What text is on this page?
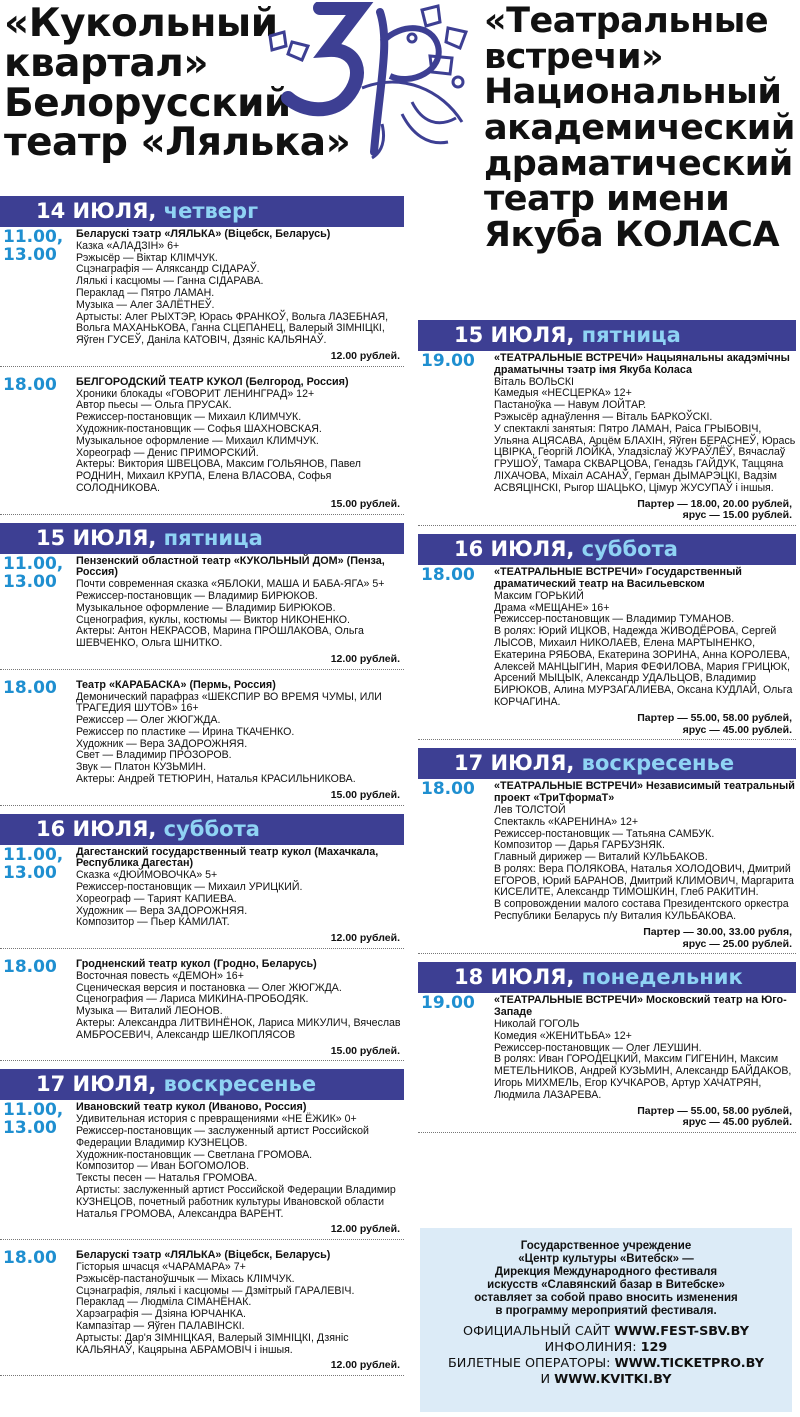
«Кукольный
квартал»
Белорусский
театр «Лялька»
14 ИЮЛЯ, четверг
11.00,
13.00
Беларускі тэатр «ЛЯЛЬКА» (Віцебск, Беларусь)
Казка «АЛАДЗІН» 6+
Рэжысёр — Віктар КЛІМЧУК.
Сцэнаграфія — Аляксандр СІДАРАЎ.
Лялькі і касцюмы — Ганна СІДАРАВА.
Пераклад — Пятро ЛАМАН.
Музыка — Алег ЗАЛЁТНЕЎ.
Артысты: Алег РЫХТЭР, Юрась ФРАНКОЎ, Вольга ЛАЗЕБНАЯ, Вольга МАХАНЬКОВА, Ганна СЦЕПАНЕЦ, Валерый ЗІМНІЦКІ, Яўген ГУСЕЎ, Даніла КАТОВІЧ, Дзяніс КАЛЬЯНАЎ.
12.00 рублей.
18.00 БЕЛГОРОДСКИЙ ТЕАТР КУКОЛ (Белгород, Россия)
Хроники блокады «ГОВОРИТ ЛЕНИНГРАД» 12+
Автор пьесы — Ольга ПРУСАК.
Режиссер-постановщик — Михаил КЛИМЧУК.
Художник-постановщик — Софья ШАХНОВСКАЯ.
Музыкальное оформление — Михаил КЛИМЧУК.
Хореограф — Денис ПРИМОРСКИЙ.
Актеры: Виктория ШВЕЦОВА, Максим ГОЛЬЯНОВ, Павел РОДНИН, Михаил КРУПА, Елена ВЛАСОВА, Софья СОЛОДНИКОВА.
15.00 рублей.
15 ИЮЛЯ, пятница
11.00,
13.00
Пензенский областной театр «КУКОЛЬНЫЙ ДОМ» (Пенза, Россия)
Почти современная сказка «ЯБЛОКИ, МАША И БАБА-ЯГА» 5+
Режиссер-постановщик — Владимир БИРЮКОВ.
Музыкальное оформление — Владимир БИРЮКОВ.
Сценография, куклы, костюмы — Виктор НИКОНЕНКО.
Актеры: Антон НЕКРАСОВ, Марина ПРОШЛАКОВА, Ольга ШЕВЧЕНКО, Ольга ШНИТКО.
12.00 рублей.
18.00 Театр «КАРАБАСКА» (Пермь, Россия)
Демонический парафраз «ШЕКСПИР ВО ВРЕМЯ ЧУМЫ, ИЛИ ТРАГЕДИЯ ШУТОВ» 16+
Режиссер — Олег ЖЮГЖДА.
Режиссер по пластике — Ирина ТКАЧЕНКО.
Художник — Вера ЗАДОРОЖНЯЯ.
Свет — Владимир ПРОЗОРОВ.
Звук — Платон КУЗЬМИН.
Актеры: Андрей ТЕТЮРИН, Наталья КРАСИЛЬНИКОВА.
15.00 рублей.
16 ИЮЛЯ, суббота
11.00,
13.00
Дагестанский государственный театр кукол (Махачкала, Республика Дагестан)
Сказка «ДЮЙМОВОЧКА» 5+
Режиссер-постановщик — Михаил УРИЦКИЙ.
Хореограф — Тарият КАПИЕВА.
Художник — Вера ЗАДОРОЖНЯЯ.
Композитор — Пьер КАМИЛАТ.
12.00 рублей.
18.00 Гродненский театр кукол (Гродно, Беларусь)
Восточная повесть «ДЕМОН» 16+
Сценическая версия и постановка — Олег ЖЮГЖДА.
Сценография — Лариса МИКИНА-ПРОБОДЯК.
Музыка — Виталий ЛЕОНОВ.
Актеры: Александра ЛИТВИНЁНОК, Лариса МИКУЛИЧ, Вячеслав АМБРОСЕВИЧ, Александр ШЕЛКОПЛЯСОВ
15.00 рублей.
17 ИЮЛЯ, воскресенье
11.00,
13.00
Ивановский театр кукол (Иваново, Россия)
Удивительная история с превращениями «НЕ ЁЖИК» 0+
Режиссер-постановщик — заслуженный артист Российской Федерации Владимир КУЗНЕЦОВ.
Художник-постановщик — Светлана ГРОМОВА.
Композитор — Иван БОГОМОЛОВ.
Тексты песен — Наталья ГРОМОВА.
Артисты: заслуженный артист Российской Федерации Владимир КУЗНЕЦОВ, почетный работник культуры Ивановской области Наталья ГРОМОВА, Александра ВАРЕНТ.
12.00 рублей.
18.00 Беларускі тэатр «ЛЯЛЬКА» (Віцебск, Беларусь)
Гісторыя шчасця «ЧАРАМАРА» 7+
Рэжысёр-пастаноўшчык — Міхась КЛІМЧУК.
Сцэнаграфія, лялькі і касцюмы — Дзмітрый ГАРАЛЕВІЧ.
Пераклад — Людміла СІМАНЁНАК.
Харэаграфія — Дзіяна ЮРЧАНКА.
Кампазітар — Яўген ПАЛАВІНСКІ.
Артысты: Дар'я ЗІМНІЦКАЯ, Валерый ЗІМНІЦКІ, Дзяніс КАЛЬЯНАЎ, Кацярына АБРАМОВІЧ і іншыя.
12.00 рублей.
«Театральные
встречи»
Национальный
академический
драматический
театр имени
Якуба КОЛАСА
15 ИЮЛЯ, пятница
19.00 «ТЕАТРАЛЬНЫЕ ВСТРЕЧИ» Нацыянальны акадэмічны драматычны тэатр імя Якуба Коласа
Віталь ВОЛЬСКІ
Камедыя «НЕСЦЕРКА» 12+
Пастаноўка — Навум ЛОЙТАР.
Рэжысёр аднаўлення — Віталь БАРКОЎСКІ.
У спектаклі занятыя: Пятро ЛАМАН, Раіса ГРЫБОВІЧ, Ульяна АЦЯСАВА, Арцём БЛАХІН, Яўген БЕРАСНЕЎ, Юрась ЦВІРКА, Георгій ЛОЙКА, Уладзіслаў ЖУРАЎЛЁЎ, Вячаслаў ГРУШОЎ, Тамара СКВАРЦОВА, Генадзь ГАЙДУК, Таццяна ЛІХАЧОВА, Міхаіл АСАНАЎ, Герман ДЫМАРЭЦКІ, Вадзім АСВЯЦІНСКІ, Рыгор ШАЦЬКО, Цімур ЖУСУПАЎ і іншыя.
Партер — 18.00, 20.00 рублей,
ярус — 15.00 рублей.
16 ИЮЛЯ, суббота
18.00 «ТЕАТРАЛЬНЫЕ ВСТРЕЧИ» Государственный драматический театр на Васильевском
Максим ГОРЬКИЙ
Драма «МЕЩАНЕ» 16+
Режиссер-постановщик — Владимир ТУМАНОВ.
В ролях: Юрий ИЦКОВ, Надежда ЖИВОДЁРОВА, Сергей ЛЫСОВ, Михаил НИКОЛАЕВ, Елена МАРТЫНЕНКО, Екатерина РЯБОВА, Екатерина ЗОРИНА, Анна КОРОЛЕВА, Алексей МАНЦЫГИН, Мария ФЕФИЛОВА, Мария ГРИЦЮК, Арсений МЫЦЫК, Александр УДАЛЬЦОВ, Владимир БИРЮКОВ, Алина МУРЗАГАЛИЕВА, Оксана КУДЛАЙ, Ольга КОРЧАГИНА.
Партер — 55.00, 58.00 рублей,
ярус — 45.00 рублей.
17 ИЮЛЯ, воскресенье
18.00 «ТЕАТРАЛЬНЫЕ ВСТРЕЧИ» Независимый театральный проект «ТриТформаТ»
Лев ТОЛСТОЙ
Спектакль «КАРЕНИНА» 12+
Режиссер-постановщик — Татьяна САМБУК.
Композитор — Дарья ГАРБУЗНЯК.
Главный дирижер — Виталий КУЛЬБАКОВ.
В ролях: Вера ПОЛЯКОВА, Наталья ХОЛОДОВИЧ, Дмитрий ЕГОРОВ, Юрий БАРАНОВ, Дмитрий КЛИМОВИЧ, Маргарита КИСЕЛИТЕ, Александр ТИМОШКИН, Глеб РАКИТИН.
В сопровождении малого состава Президентского оркестра Республики Беларусь п/у Виталия КУЛЬБАКОВА.
Партер — 30.00, 33.00 рубля,
ярус — 25.00 рублей.
18 ИЮЛЯ, понедельник
19.00 «ТЕАТРАЛЬНЫЕ ВСТРЕЧИ» Московский театр на Юго-Западе
Николай ГОГОЛЬ
Комедия «ЖЕНИТЬБА» 12+
Режиссер-постановщик — Олег ЛЕУШИН.
В ролях: Иван ГОРОДЕЦКИЙ, Максим ГИГЕНИН, Максим МЕТЕЛЬНИКОВ, Андрей КУЗЬМИН, Александр БАЙДАКОВ, Игорь МИХМЕЛЬ, Егор КУЧКАРОВ, Артур ХАЧАТРЯН, Людмила ЛАЗАРЕВА.
Партер — 55.00, 58.00 рублей,
ярус — 45.00 рублей.
Государственное учреждение
«Центр культуры «Витебск» —
Дирекция Международного фестиваля
искусств «Славянский базар в Витебске»
оставляет за собой право вносить изменения
в программу мероприятий фестиваля.
ОФИЦИАЛЬНЫЙ САЙТ WWW.FEST-SBV.BY
ИНФОЛИНИЯ: 129
БИЛЕТНЫЕ ОПЕРАТОРЫ: WWW.TICKETPRO.BY
И WWW.KVITKI.BY
